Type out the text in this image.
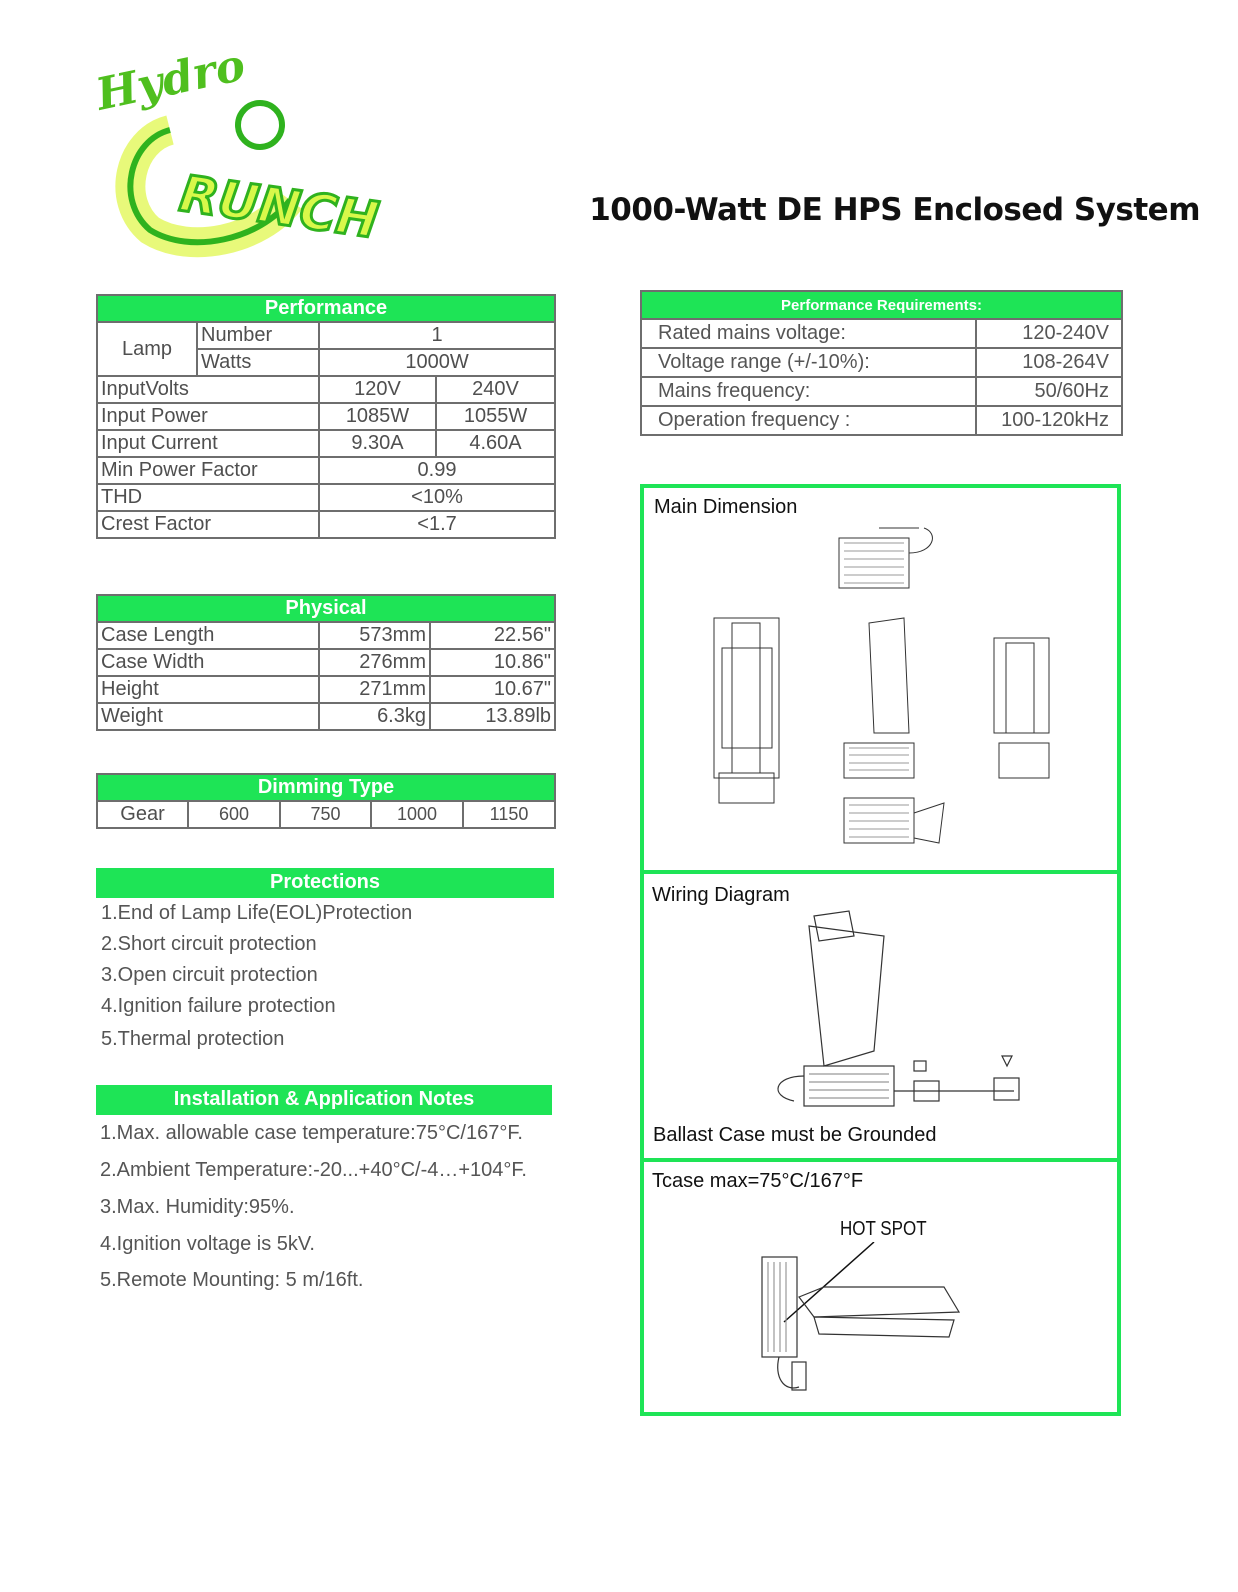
Hydro
RUNCH	1000-Watt DE HPS Enclosed System
Performance			
Lamp	Number	1	
	Watts	1000W	
InputVolts		120V	240V
Input Power		1085W	1055W
Input Current		9.30A	4.60A
Min Power Factor		0.99	
THD		<10%	
Crest Factor		<1.7	
Physical		
Case Length	573mm	22.56"
Case Width	276mm	10.86"
Height	271mm	10.67"
Weight	6.3kg	13.89lb
Dimming Type
Gear	600	750	1000	1150
Protections
1.End of Lamp Life(EOL)Protection
2.Short circuit protection
3.Open circuit protection
4.Ignition failure protection
5.Thermal protection
Installation & Application Notes
1.Max. allowable case temperature:75°C/167°F.
2.Ambient Temperature:-20...+40°C/-4…+104°F.
3.Max. Humidity:95%.
4.Ignition voltage is 5kV.
5.Remote Mounting: 5 m/16ft.
Performance Requirements:	
Rated mains voltage:	120-240V
Voltage range (+/-10%):	108-264V
Mains frequency:	50/60Hz
Operation frequency :	100-120kHz
Main Dimension
Wiring Diagram
Ballast Case must be Grounded
Tcase max=75°C/167°F
HOT SPOT
